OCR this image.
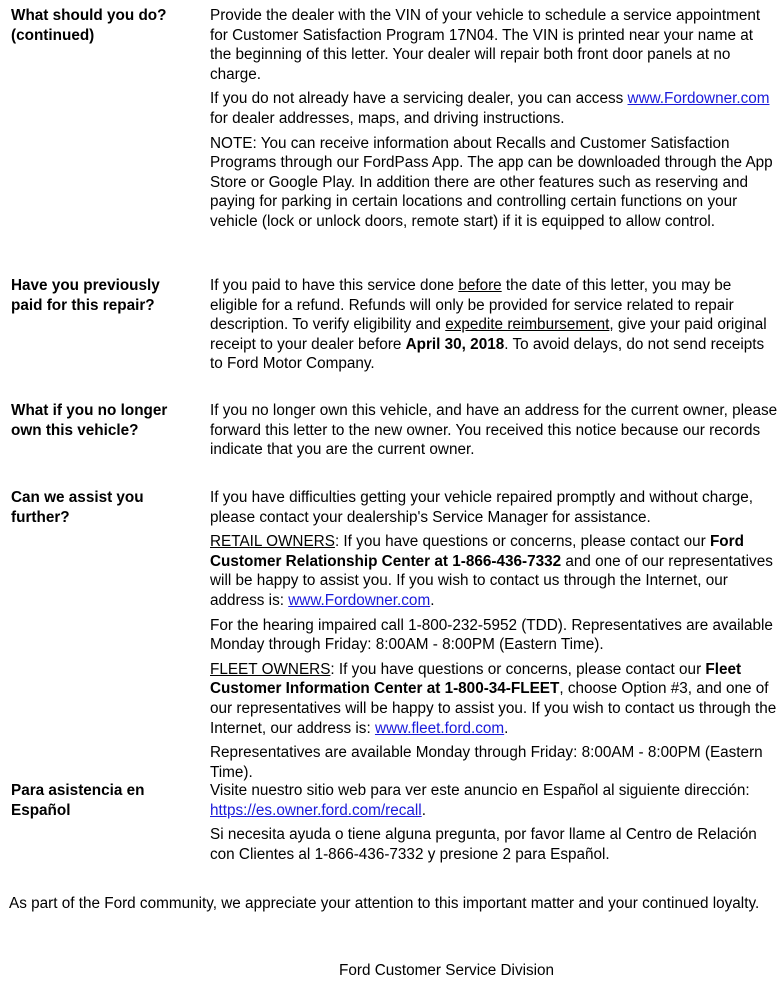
What should you do?
(continued)

Provide the dealer with the VIN of your vehicle to schedule a service appointment for Customer Satisfaction Program 17N04. The VIN is printed near your name at the beginning of this letter. Your dealer will repair both front door panels at no charge.

If you do not already have a servicing dealer, you can access www.Fordowner.com for dealer addresses, maps, and driving instructions.

NOTE: You can receive information about Recalls and Customer Satisfaction Programs through our FordPass App. The app can be downloaded through the App Store or Google Play. In addition there are other features such as reserving and paying for parking in certain locations and controlling certain functions on your vehicle (lock or unlock doors, remote start) if it is equipped to allow control.

Have you previously
paid for this repair?

If you paid to have this service done before the date of this letter, you may be eligible for a refund. Refunds will only be provided for service related to repair description. To verify eligibility and expedite reimbursement, give your paid original receipt to your dealer before April 30, 2018. To avoid delays, do not send receipts to Ford Motor Company.

What if you no longer
own this vehicle?

If you no longer own this vehicle, and have an address for the current owner, please forward this letter to the new owner. You received this notice because our records indicate that you are the current owner.

Can we assist you
further?

If you have difficulties getting your vehicle repaired promptly and without charge, please contact your dealership's Service Manager for assistance.

RETAIL OWNERS: If you have questions or concerns, please contact our Ford Customer Relationship Center at 1-866-436-7332 and one of our representatives will be happy to assist you. If you wish to contact us through the Internet, our address is: www.Fordowner.com.

For the hearing impaired call 1-800-232-5952 (TDD). Representatives are available Monday through Friday: 8:00AM - 8:00PM (Eastern Time).

FLEET OWNERS: If you have questions or concerns, please contact our Fleet Customer Information Center at 1-800-34-FLEET, choose Option #3, and one of our representatives will be happy to assist you. If you wish to contact us through the Internet, our address is: www.fleet.ford.com.

Representatives are available Monday through Friday: 8:00AM - 8:00PM (Eastern Time).

Para asistencia en
Español

Visite nuestro sitio web para ver este anuncio en Español al siguiente dirección: https://es.owner.ford.com/recall.

Si necesita ayuda o tiene alguna pregunta, por favor llame al Centro de Relación con Clientes al 1-866-436-7332 y presione 2 para Español.

As part of the Ford community, we appreciate your attention to this important matter and your continued loyalty.

Ford Customer Service Division
